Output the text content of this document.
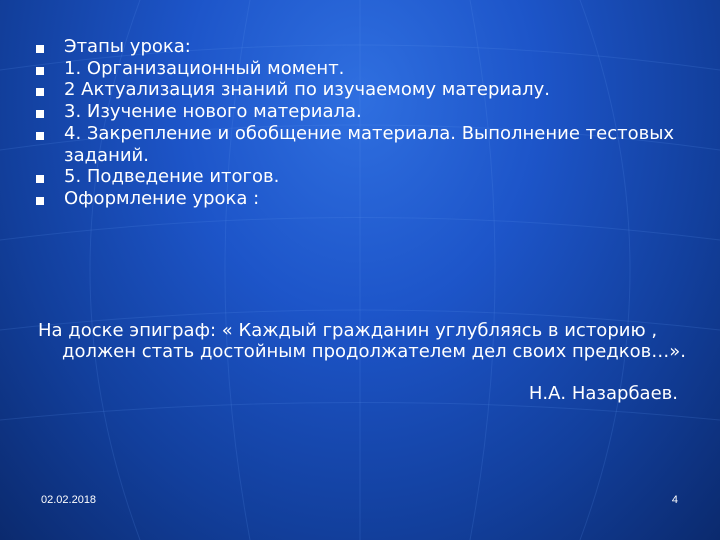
Этапы урока:
1. Организационный момент.
2 Актуализация знаний по изучаемому материалу.
3. Изучение нового материала.
4. Закрепление и обобщение материала. Выполнение тестовых заданий.
5. Подведение итогов.
Оформление урока :

На доске эпиграф: « Каждый гражданин углубляясь в историю , должен стать достойным продолжателем дел своих предков…».

Н.А. Назарбаев.
02.02.2018	4
